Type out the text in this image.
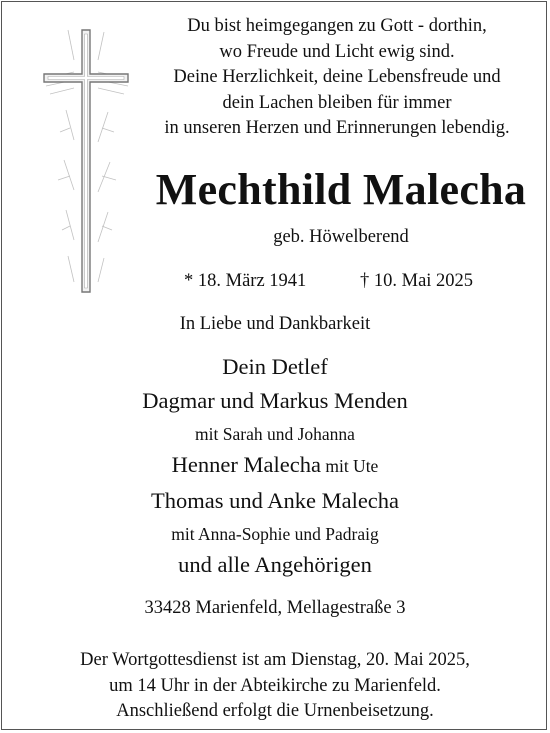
Du bist heimgegangen zu Gott - dorthin,
wo Freude und Licht ewig sind.
Deine Herzlichkeit, deine Lebensfreude und
dein Lachen bleiben für immer
in unseren Herzen und Erinnerungen lebendig.
Mechthild Malecha
geb. Höwelberend
* 18. März 1941	† 10. Mai 2025
In Liebe und Dankbarkeit
Dein Detlef
Dagmar und Markus Menden
mit Sarah und Johanna
Henner Malecha mit Ute
Thomas und Anke Malecha
mit Anna-Sophie und Padraig
und alle Angehörigen
33428 Marienfeld, Mellagestraße 3
Der Wortgottesdienst ist am Dienstag, 20. Mai 2025,
um 14 Uhr in der Abteikirche zu Marienfeld.
Anschließend erfolgt die Urnenbeisetzung.
